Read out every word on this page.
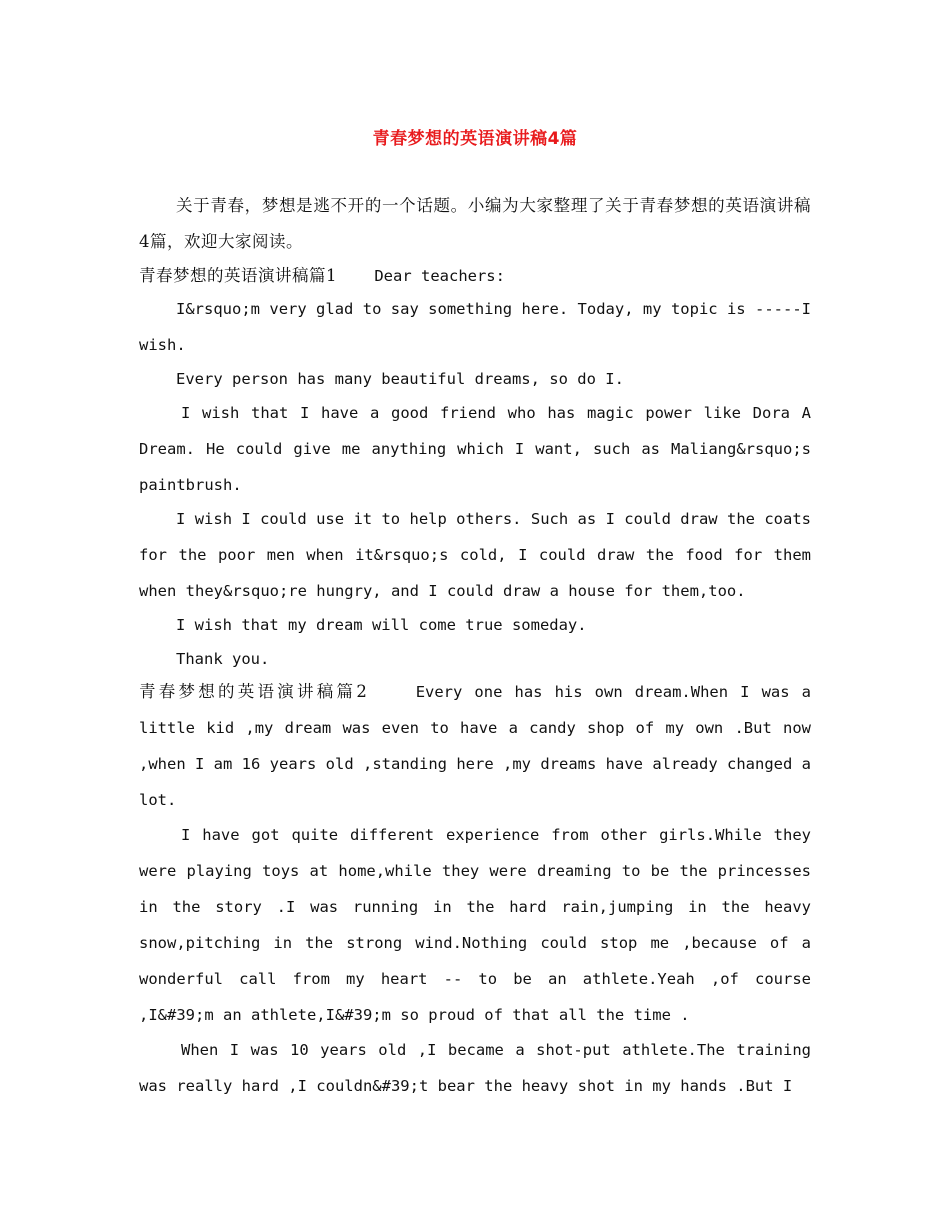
青春梦想的英语演讲稿4篇

关于青春，梦想是逃不开的一个话题。小编为大家整理了关于青春梦想的英语演讲稿4篇，欢迎大家阅读。

青春梦想的英语演讲稿篇1 Dear teachers:

I&rsquo;m very glad to say something here. Today, my topic is -----I wish.

Every person has many beautiful dreams, so do I.

I wish that I have a good friend who has magic power like Dora A Dream. He could give me anything which I want, such as Maliang&rsquo;s paintbrush.

I wish I could use it to help others. Such as I could draw the coats for the poor men when it&rsquo;s cold, I could draw the food for them when they&rsquo;re hungry, and I could draw a house for them,too.

I wish that my dream will come true someday.

Thank you.

青春梦想的英语演讲稿篇2	Every one has his own dream.When I was a little kid ,my dream was even to have a candy shop of my own .But now ,when I am 16 years old ,standing here ,my dreams have already changed a lot.

I have got quite different experience from other girls.While they were playing toys at home,while they were dreaming to be the princesses in the story .I was running in the hard rain,jumping in the heavy snow,pitching in the strong wind.Nothing could stop me ,because of a wonderful call from my heart -- to be an athlete.Yeah ,of course ,I&#39;m an athlete,I&#39;m so proud of that all the time .

When I was 10 years old ,I became a shot-put athlete.The training was really hard ,I couldn&#39;t bear the heavy shot in my hands .But I
